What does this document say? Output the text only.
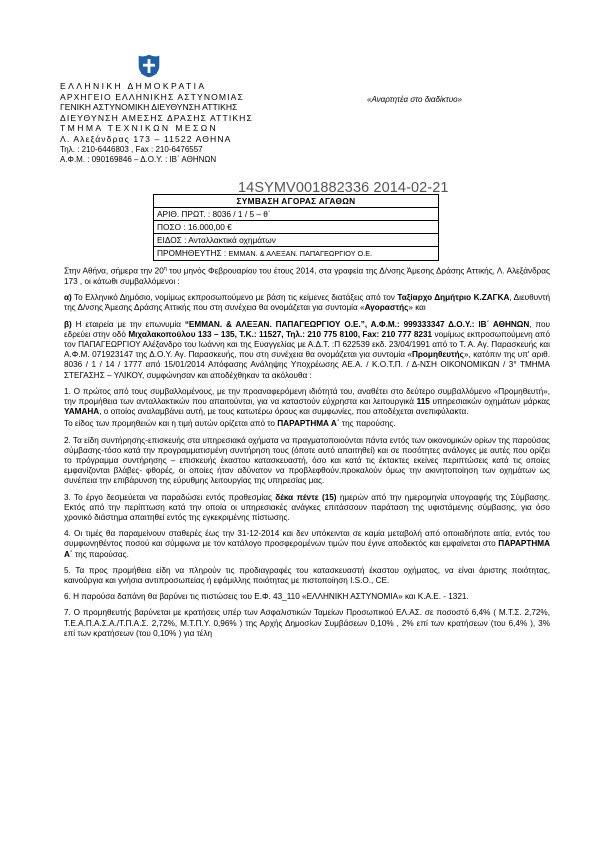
ΕΛΛΗΝΙΚΗ ΔΗΜΟΚΡΑΤΙΑ
ΑΡΧΗΓΕΙΟ ΕΛΛΗΝΙΚΗΣ ΑΣΤΥΝΟΜΙΑΣ
ΓΕΝΙΚΗ ΑΣΤΥΝΟΜΙΚΗ ΔΙΕΥΘΥΝΣΗ ΑΤΤΙΚΗΣ
ΔΙΕΥΘΥΝΣΗ ΑΜΕΣΗΣ ΔΡΑΣΗΣ ΑΤΤΙΚΗΣ
ΤΜΗΜΑ ΤΕΧΝΙΚΩΝ ΜΕΣΩΝ
Λ. Αλεξάνδρας 173 – 11522 ΑΘΗΝΑ
Τηλ. : 210-6446803 , Fax : 210-6476557
Α.Φ.Μ. : 090169846 – Δ.Ο.Υ. : ΙΒ΄ ΑΘΗΝΩΝ
«Αναρτητέα στο διαδίκτυο»
14SYMV001882336 2014-02-21
ΣΥΜΒΑΣΗ ΑΓΟΡΑΣ ΑΓΑΘΩΝ
ΑΡΙΘ. ΠΡΩΤ. : 8036 / 1 / 5 – θ΄
ΠΟΣΟ : 16.000,00 €
ΕΙΔΟΣ : Ανταλλακτικά οχημάτων
ΠΡΟΜΗΘΕΥΤΗΣ : ΕΜΜΑΝ. & ΑΛΕΞΑΝ. ΠΑΠΑΓΕΩΡΓΙΟΥ Ο.Ε.

Στην Αθήνα, σήμερα την $20^\eta$ του μηνός Φεβρουαρίου του έτους 2014, στα γραφεία της Δ/νσης Άμεσης Δράσης Αττικής, Λ. Αλεξάνδρας 173 , οι κάτωθι συμβαλλόμενοι :

α) Το Ελληνικό Δημόσιο, νομίμως εκπροσωπούμενο με βάση τις κείμενες διατάξεις από τον Ταξίαρχο Δημήτριο Κ.ΖΑΓΚΑ, Διευθυντή της Δ/νσης Άμεσης Δράσης Αττικής που στη συνέχεια θα ονομάζεται για συντομία «Αγοραστής» και

β) Η εταιρεία με την επωνυμία “ΕΜΜΑΝ. & ΑΛΕΞΑΝ. ΠΑΠΑΓΕΩΡΓΙΟΥ Ο.Ε.”, Α.Φ.Μ.: 999333347 Δ.Ο.Υ.: ΙΒ΄ ΑΘΗΝΩΝ, που εδρεύει στην οδό Μιχαλακοπούλου 133 – 135, Τ.Κ.: 11527, Τηλ.: 210 775 8100, Fax: 210 777 8231 νομίμως εκπροσωπούμενη από τον ΠΑΠΑΓΕΩΡΓΙΟΥ Αλέξανδρο του Ιωάννη και της Ευαγγελίας με Α.Δ.Τ. :Π 622539 εκδ. 23/04/1991 από το Τ. Α. Αγ. Παρασκευής και Α.Φ.Μ. 071923147 της Δ.Ο.Υ. Αγ. Παρασκευής, που στη συνέχεια θα ονομάζεται για συντομία «Προμηθευτής», κατόπιν της υπ' αριθ. 8036 / 1 / 14 / 1777 από 15/01/2014 Απόφασης Ανάληψης Υποχρέωσης ΑΕ.Α. / Κ.Ο.Τ.Π. / Δ-ΝΣΗ ΟΙΚΟΝΟΜΙΚΩΝ / 3° ΤΜΗΜΑ ΣΤΕΓΑΣΗΣ – ΥΛΙΚΟΥ, συμφώνησαν και αποδέχθηκαν τα ακόλουθα :

1. Ο πρώτος από τους συμβαλλομένους, με την προαναφερόμενη ιδιότητά του, αναθέτει στο δεύτερο συμβαλλόμενο «Προμηθευτή», την προμήθεια των ανταλλακτικών που απαιτούνται, για να καταστούν εύχρηστα και λειτουργικά 115 υπηρεσιακών οχημάτων μάρκας ΥΑΜΑΗΑ, ο οποίος αναλαμβάνει αυτή, με τους κατωτέρω όρους και συμφωνίες, που αποδέχεται ανεπιφύλακτα.

Το είδος των προμηθειών και η τιμή αυτών ορίζεται από το ΠΑΡΑΡΤΗΜΑ Α΄ της παρούσης.

2. Τα είδη συντήρησης-επισκευής στα υπηρεσιακά οχήματα να πραγματοποιούνται πάντα εντός των οικονομικών ορίων της παρούσας σύμβασης-τόσο κατά την προγραμματισμένη συντήρηση τους (όποτε αυτό απαιτηθεί) και σε ποσότητες ανάλογες με αυτές που ορίζει το πρόγραμμα συντήρησης – επισκευής έκαστου κατασκευαστή, όσο και κατά τις έκτακτες εκείνες περιπτώσεις κατά τις οποίες εμφανίζονται βλάβες- φθορές, οι οποίες ήταν αδύνατον να προβλεφθούν,προκαλούν όμως την ακινητοποίηση των οχημάτων ως συνέπεια την επιβάρυνση της εύρυθμης λειτουργίας της υπηρεσίας μας.

3. Το έργο δεσμεύεται να παραδώσει εντός προθεσμίας δέκα πέντε (15) ημερών από την ημερομηνία υπογραφής της Σύμβασης. Εκτός από την περίπτωση κατά την οποία οι υπηρεσιακές ανάγκες επιτάσσουν παράταση της υφιστάμενης σύμβασης, για όσο χρονικό διάστημα απαιτηθεί εντός της εγκεκριμένης πίστωσης.

4. Οι τιμές θα παραμείνουν σταθερές έως την 31-12-2014 και δεν υπόκεινται σε καμία μεταβολή από οποιαδήποτε αιτία, εντός του συμφωνηθέντος ποσού και σύμφωνα με τον κατάλογο προσφερομένων τιμών που έγινε αποδεκτός και εμφαίνεται στο ΠΑΡΑΡΤΗΜΑ Α΄ της παρούσας.

5. Τα προς προμήθεια είδη να πληρούν τις προδιαγραφές του κατασκευαστή έκαστου οχήματος, να είναι άριστης ποιότητας, καινούργια και γνήσια αντιπροσωπείας ή εφάμιλλης ποιότητας με πιστοποίηση I.S.O., CE.

6. Η παρούσα δαπάνη θα βαρύνει τις πιστώσεις του Ε.Φ. 43_110 «ΕΛΛΗΝΙΚΗ ΑΣΤΥΝΟΜΙΑ» και Κ.Α.Ε. - 1321.

7. Ο προμηθευτής βαρύνεται με κρατήσεις υπέρ των Ασφαλιστικών Ταμείων Προσωπικού ΕΛ.ΑΣ. σε ποσοστό 6,4% ( Μ.Τ.Σ. 2,72%, Τ.Ε.Α.Π.Α.Σ.Α./Τ.Π.Α.Σ. 2,72%, Μ.Τ.Π.Υ. 0,96% ) της Αρχής Δημοσίων Συμβάσεων 0,10% , 2% επί των κρατήσεων (του 6,4% ), 3% επί των κρατήσεων (του 0,10% ) για τέλη
